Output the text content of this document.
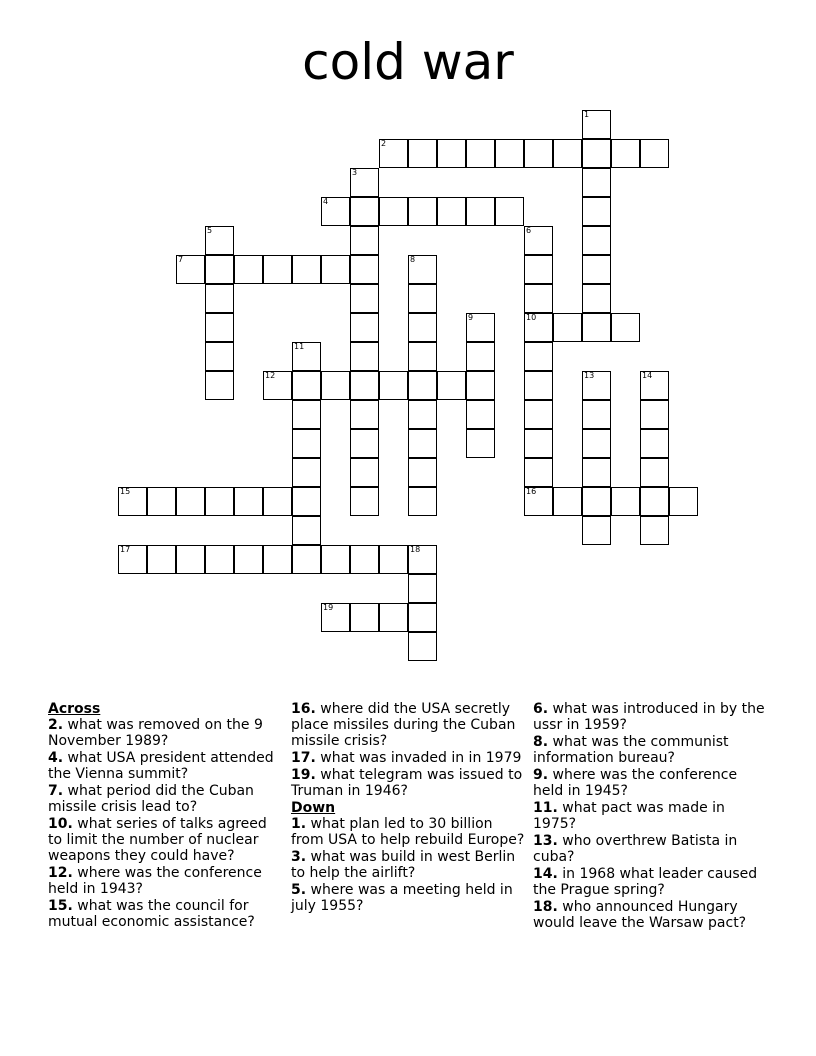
cold war
1
2
3
4
5	6
10
16
7	8
9
11
12	13	14
15
17	18
19
Across
2. what was removed on the 9 November 1989?
4. what USA president attended the Vienna summit?
7. what period did the Cuban missile crisis lead to?
10. what series of talks agreed to limit the number of nuclear weapons they could have?
12. where was the conference held in 1943?
15. what was the council for mutual economic assistance?
16. where did the USA secretly place missiles during the Cuban missile crisis?
17. what was invaded in in 1979
19. what telegram was issued to Truman in 1946?
Down
1. what plan led to 30 billion from USA to help rebuild Europe?
3. what was build in west Berlin to help the airlift?
5. where was a meeting held in july 1955?
6. what was introduced in by the ussr in 1959?
8. what was the communist information bureau?
9. where was the conference held in 1945?
11. what pact was made in 1975?
13. who overthrew Batista in cuba?
14. in 1968 what leader caused the Prague spring?
18. who announced Hungary would leave the Warsaw pact?
